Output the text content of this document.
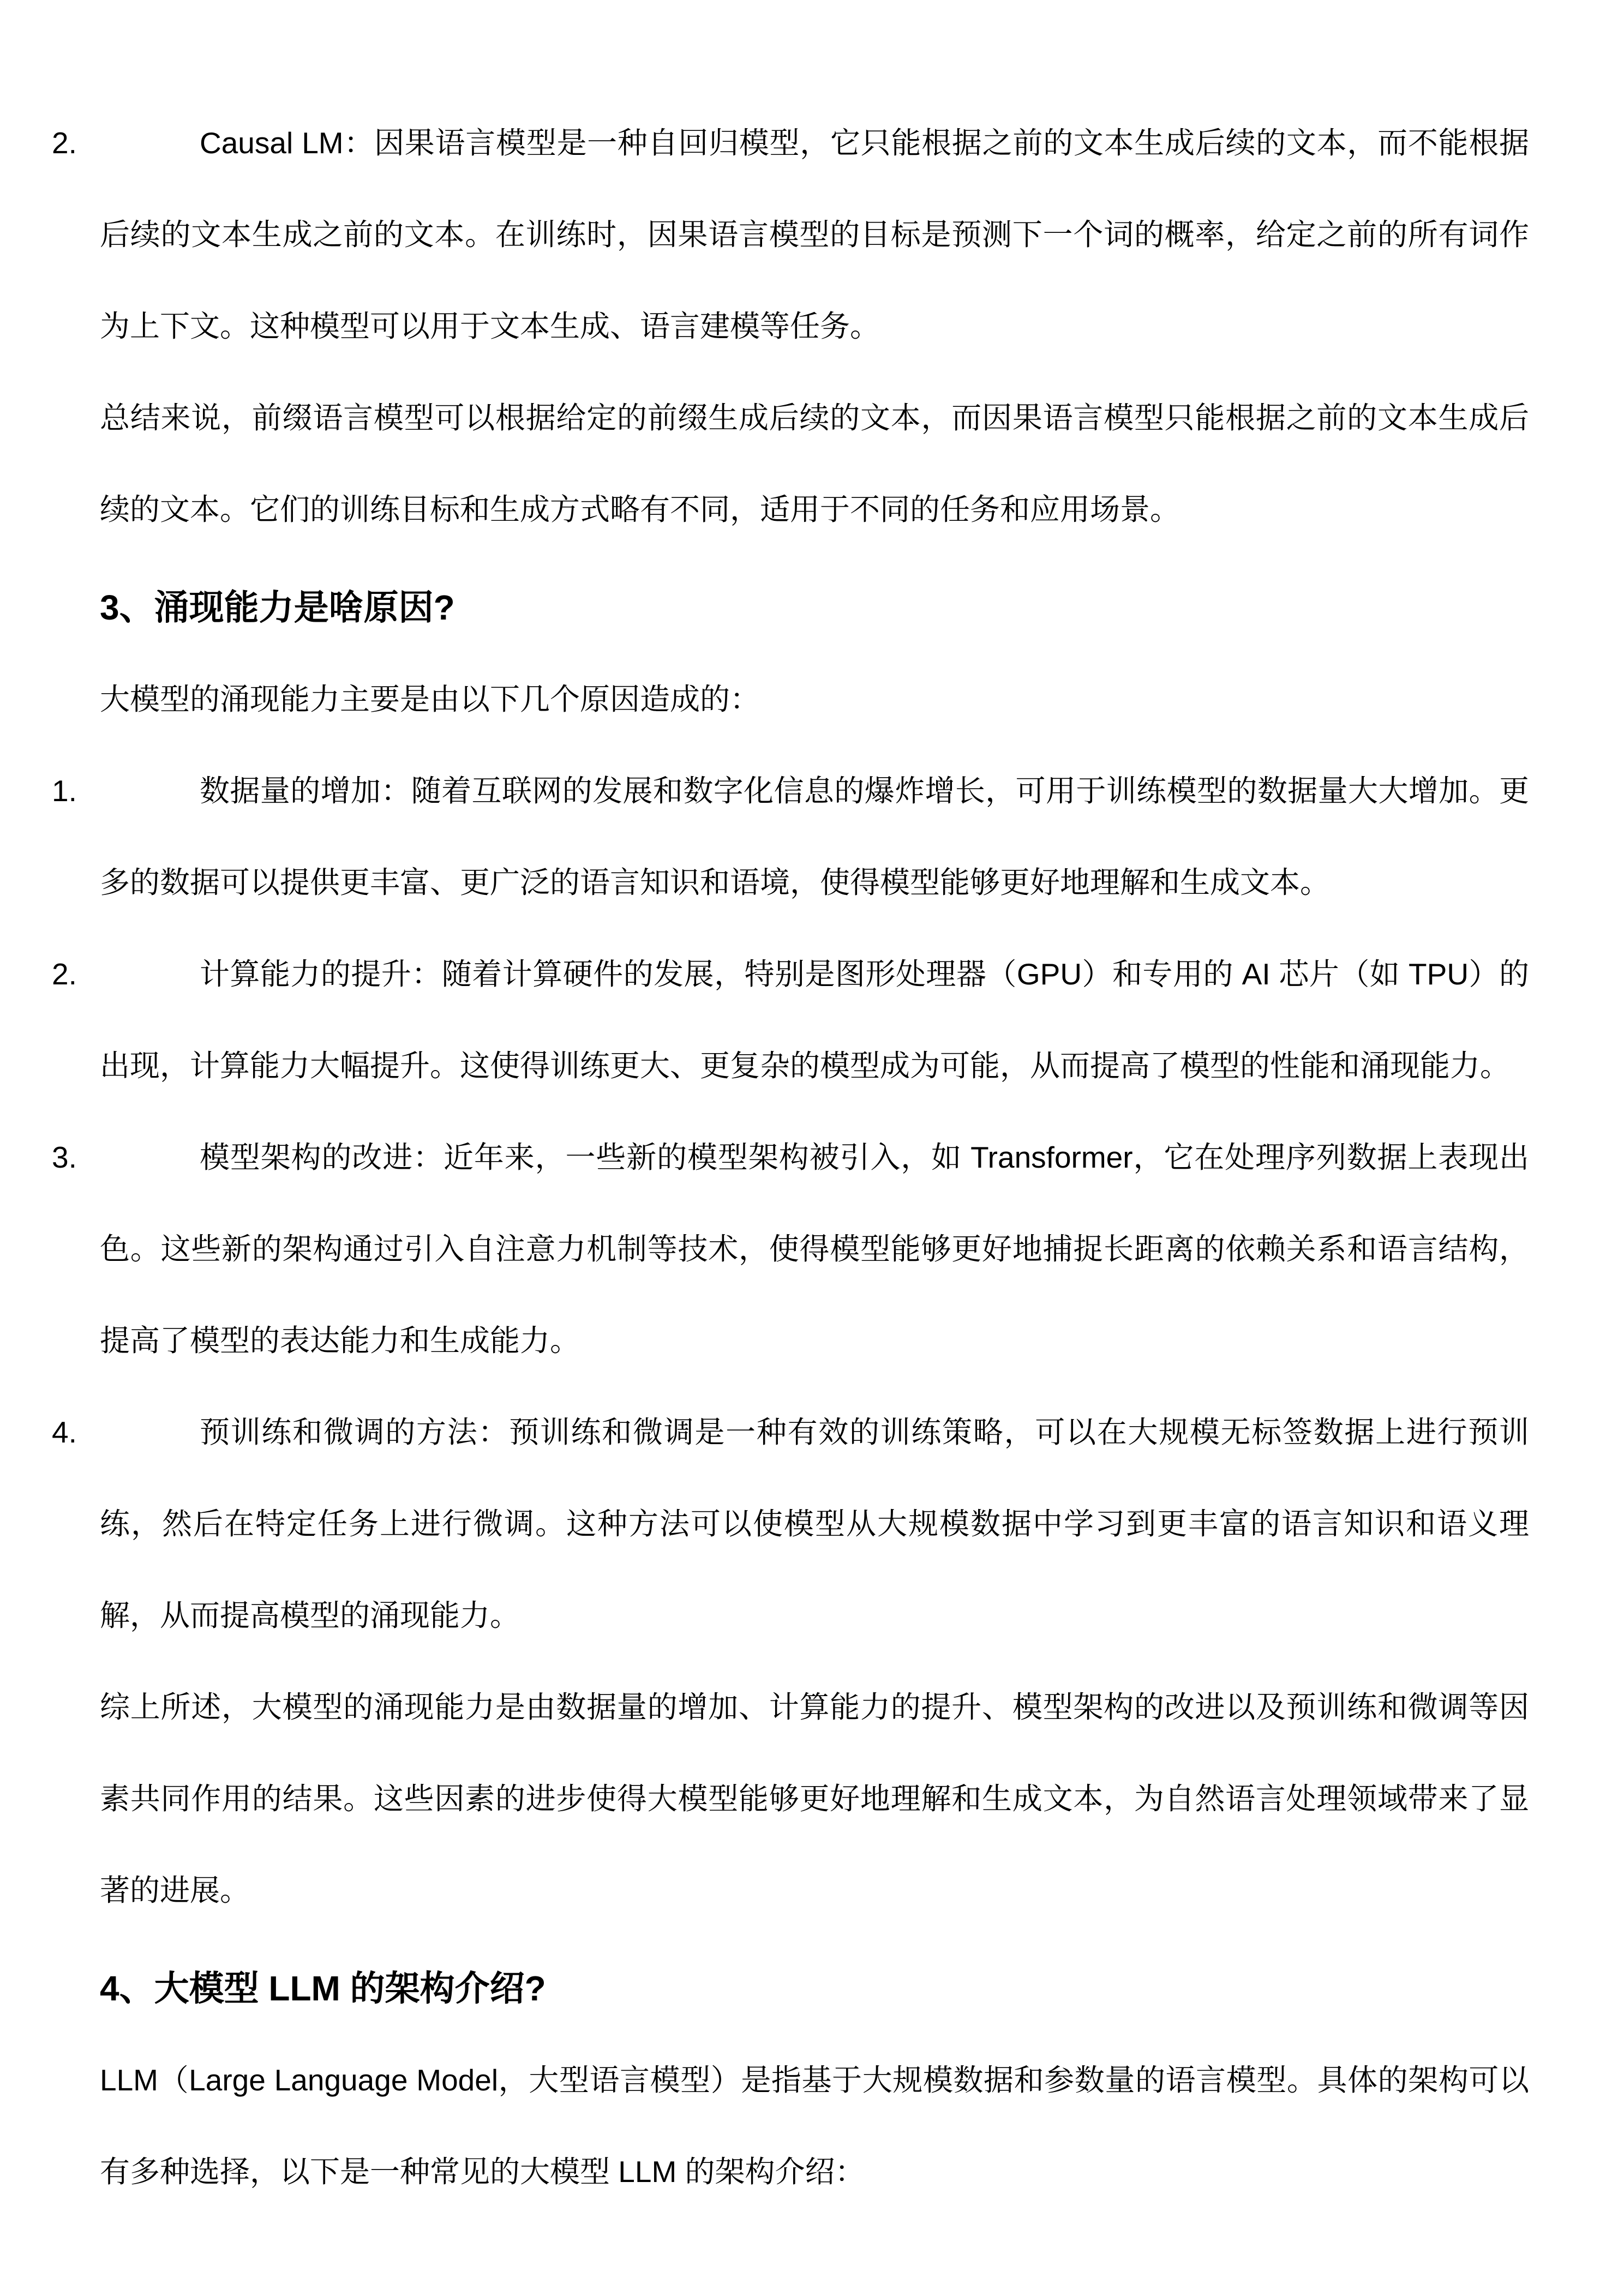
2.	Causal LM：因果语言模型是一种自回归模型，它只能根据之前的文本生成后续的文本，而不能根据后续的文本生成之前的文本。在训练时，因果语言模型的目标是预测下一个词的概率，给定之前的所有词作为上下文。这种模型可以用于文本生成、语言建模等任务。
总结来说，前缀语言模型可以根据给定的前缀生成后续的文本，而因果语言模型只能根据之前的文本生成后续的文本。它们的训练目标和生成方式略有不同，适用于不同的任务和应用场景。
3、涌现能力是啥原因?
大模型的涌现能力主要是由以下几个原因造成的：
1.	数据量的增加：随着互联网的发展和数字化信息的爆炸增长，可用于训练模型的数据量大大增加。更多的数据可以提供更丰富、更广泛的语言知识和语境，使得模型能够更好地理解和生成文本。
2.	计算能力的提升：随着计算硬件的发展，特别是图形处理器（GPU）和专用的 AI 芯片（如 TPU）的出现，计算能力大幅提升。这使得训练更大、更复杂的模型成为可能，从而提高了模型的性能和涌现能力。
3.	模型架构的改进：近年来，一些新的模型架构被引入，如 Transformer，它在处理序列数据上表现出色。这些新的架构通过引入自注意力机制等技术，使得模型能够更好地捕捉长距离的依赖关系和语言结构，提高了模型的表达能力和生成能力。
4.	预训练和微调的方法：预训练和微调是一种有效的训练策略，可以在大规模无标签数据上进行预训练，然后在特定任务上进行微调。这种方法可以使模型从大规模数据中学习到更丰富的语言知识和语义理解，从而提高模型的涌现能力。
综上所述，大模型的涌现能力是由数据量的增加、计算能力的提升、模型架构的改进以及预训练和微调等因素共同作用的结果。这些因素的进步使得大模型能够更好地理解和生成文本，为自然语言处理领域带来了显著的进展。
4、大模型 LLM 的架构介绍?
LLM（Large Language Model，大型语言模型）是指基于大规模数据和参数量的语言模型。具体的架构可以有多种选择，以下是一种常见的大模型 LLM 的架构介绍：
